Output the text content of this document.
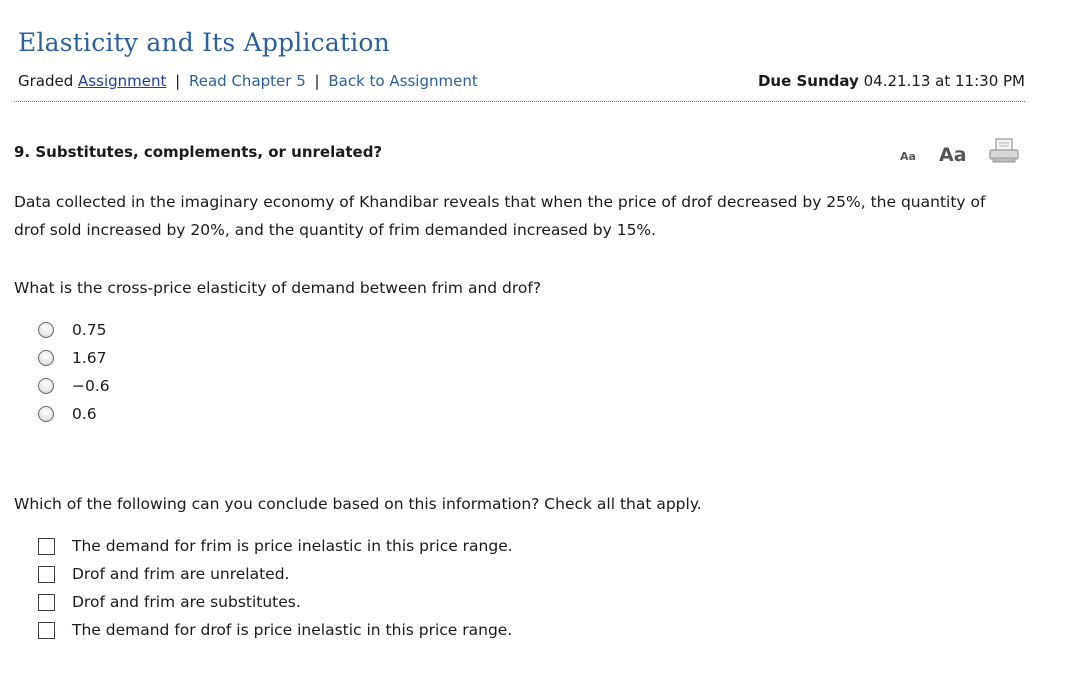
Elasticity and Its Application
Graded Assignment | Read Chapter 5 | Back to Assignment	Due Sunday 04.21.13 at 11:30 PM
9. Substitutes, complements, or unrelated?	Aa Aa
Data collected in the imaginary economy of Khandibar reveals that when the price of drof decreased by 25%, the quantity of drof sold increased by 20%, and the quantity of frim demanded increased by 15%.
What is the cross-price elasticity of demand between frim and drof?
0.75
1.67
−0.6
0.6
Which of the following can you conclude based on this information? Check all that apply.
The demand for frim is price inelastic in this price range.
Drof and frim are unrelated.
Drof and frim are substitutes.
The demand for drof is price inelastic in this price range.
